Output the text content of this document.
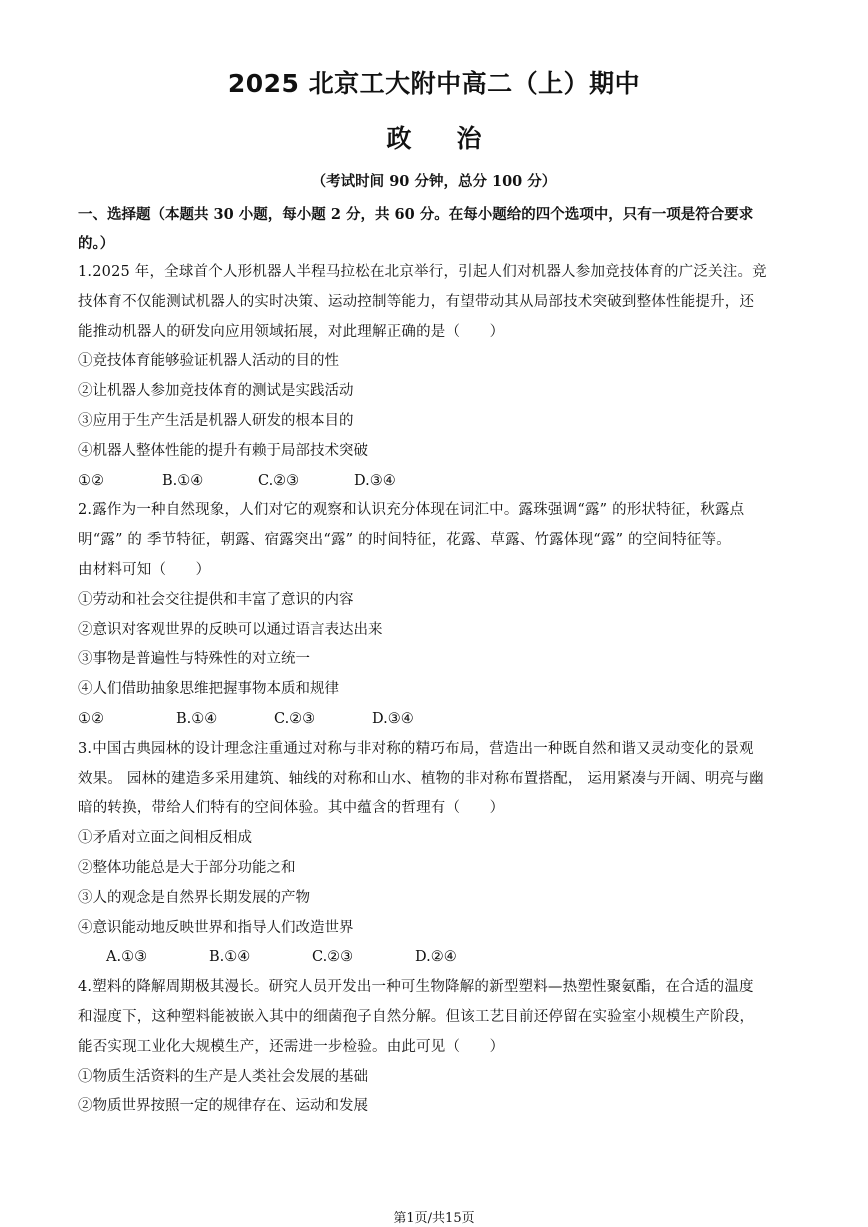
2025 北京工大附中高二（上）期中
政治
（考试时间 90 分钟，总分 100 分）

一、选择题（本题共 30 小题，每小题 2 分，共 60 分。在每小题给的四个选项中，只有一项是符合要求

的。）

1.2025 年，全球首个人形机器人半程马拉松在北京举行，引起人们对机器人参加竞技体育的广泛关注。竞

技体育不仅能测试机器人的实时决策、运动控制等能力，有望带动其从局部技术突破到整体性能提升，还

能推动机器人的研发向应用领域拓展，对此理解正确的是（　　）

①竞技体育能够验证机器人活动的目的性

②让机器人参加竞技体育的测试是实践活动

③应用于生产生活是机器人研发的根本目的

④机器人整体性能的提升有赖于局部技术突破

①②	B.①④	C.②③	D.③④

2.露作为一种自然现象，人们对它的观察和认识充分体现在词汇中。露珠强调“露” 的形状特征，秋露点

明“露” 的 季节特征，朝露、宿露突出“露” 的时间特征，花露、草露、竹露体现“露” 的空间特征等。

由材料可知（　　）

①劳动和社会交往提供和丰富了意识的内容

②意识对客观世界的反映可以通过语言表达出来

③事物是普遍性与特殊性的对立统一

④人们借助抽象思维把握事物本质和规律

①②	B.①④	C.②③	D.③④

3.中国古典园林的设计理念注重通过对称与非对称的精巧布局，营造出一种既自然和谐又灵动变化的景观

效果。 园林的建造多采用建筑、轴线的对称和山水、植物的非对称布置搭配， 运用紧凑与开阔、明亮与幽

暗的转换，带给人们特有的空间体验。其中蕴含的哲理有（　　）

①矛盾对立面之间相反相成

②整体功能总是大于部分功能之和

③人的观念是自然界长期发展的产物

④意识能动地反映世界和指导人们改造世界

A.①③	B.①④	C.②③	D.②④

4.塑料的降解周期极其漫长。研究人员开发出一种可生物降解的新型塑料—热塑性聚氨酯，在合适的温度

和湿度下，这种塑料能被嵌入其中的细菌孢子自然分解。但该工艺目前还停留在实验室小规模生产阶段，

能否实现工业化大规模生产，还需进一步检验。由此可见（　　）

①物质生活资料的生产是人类社会发展的基础

②物质世界按照一定的规律存在、运动和发展

第1页/共15页
